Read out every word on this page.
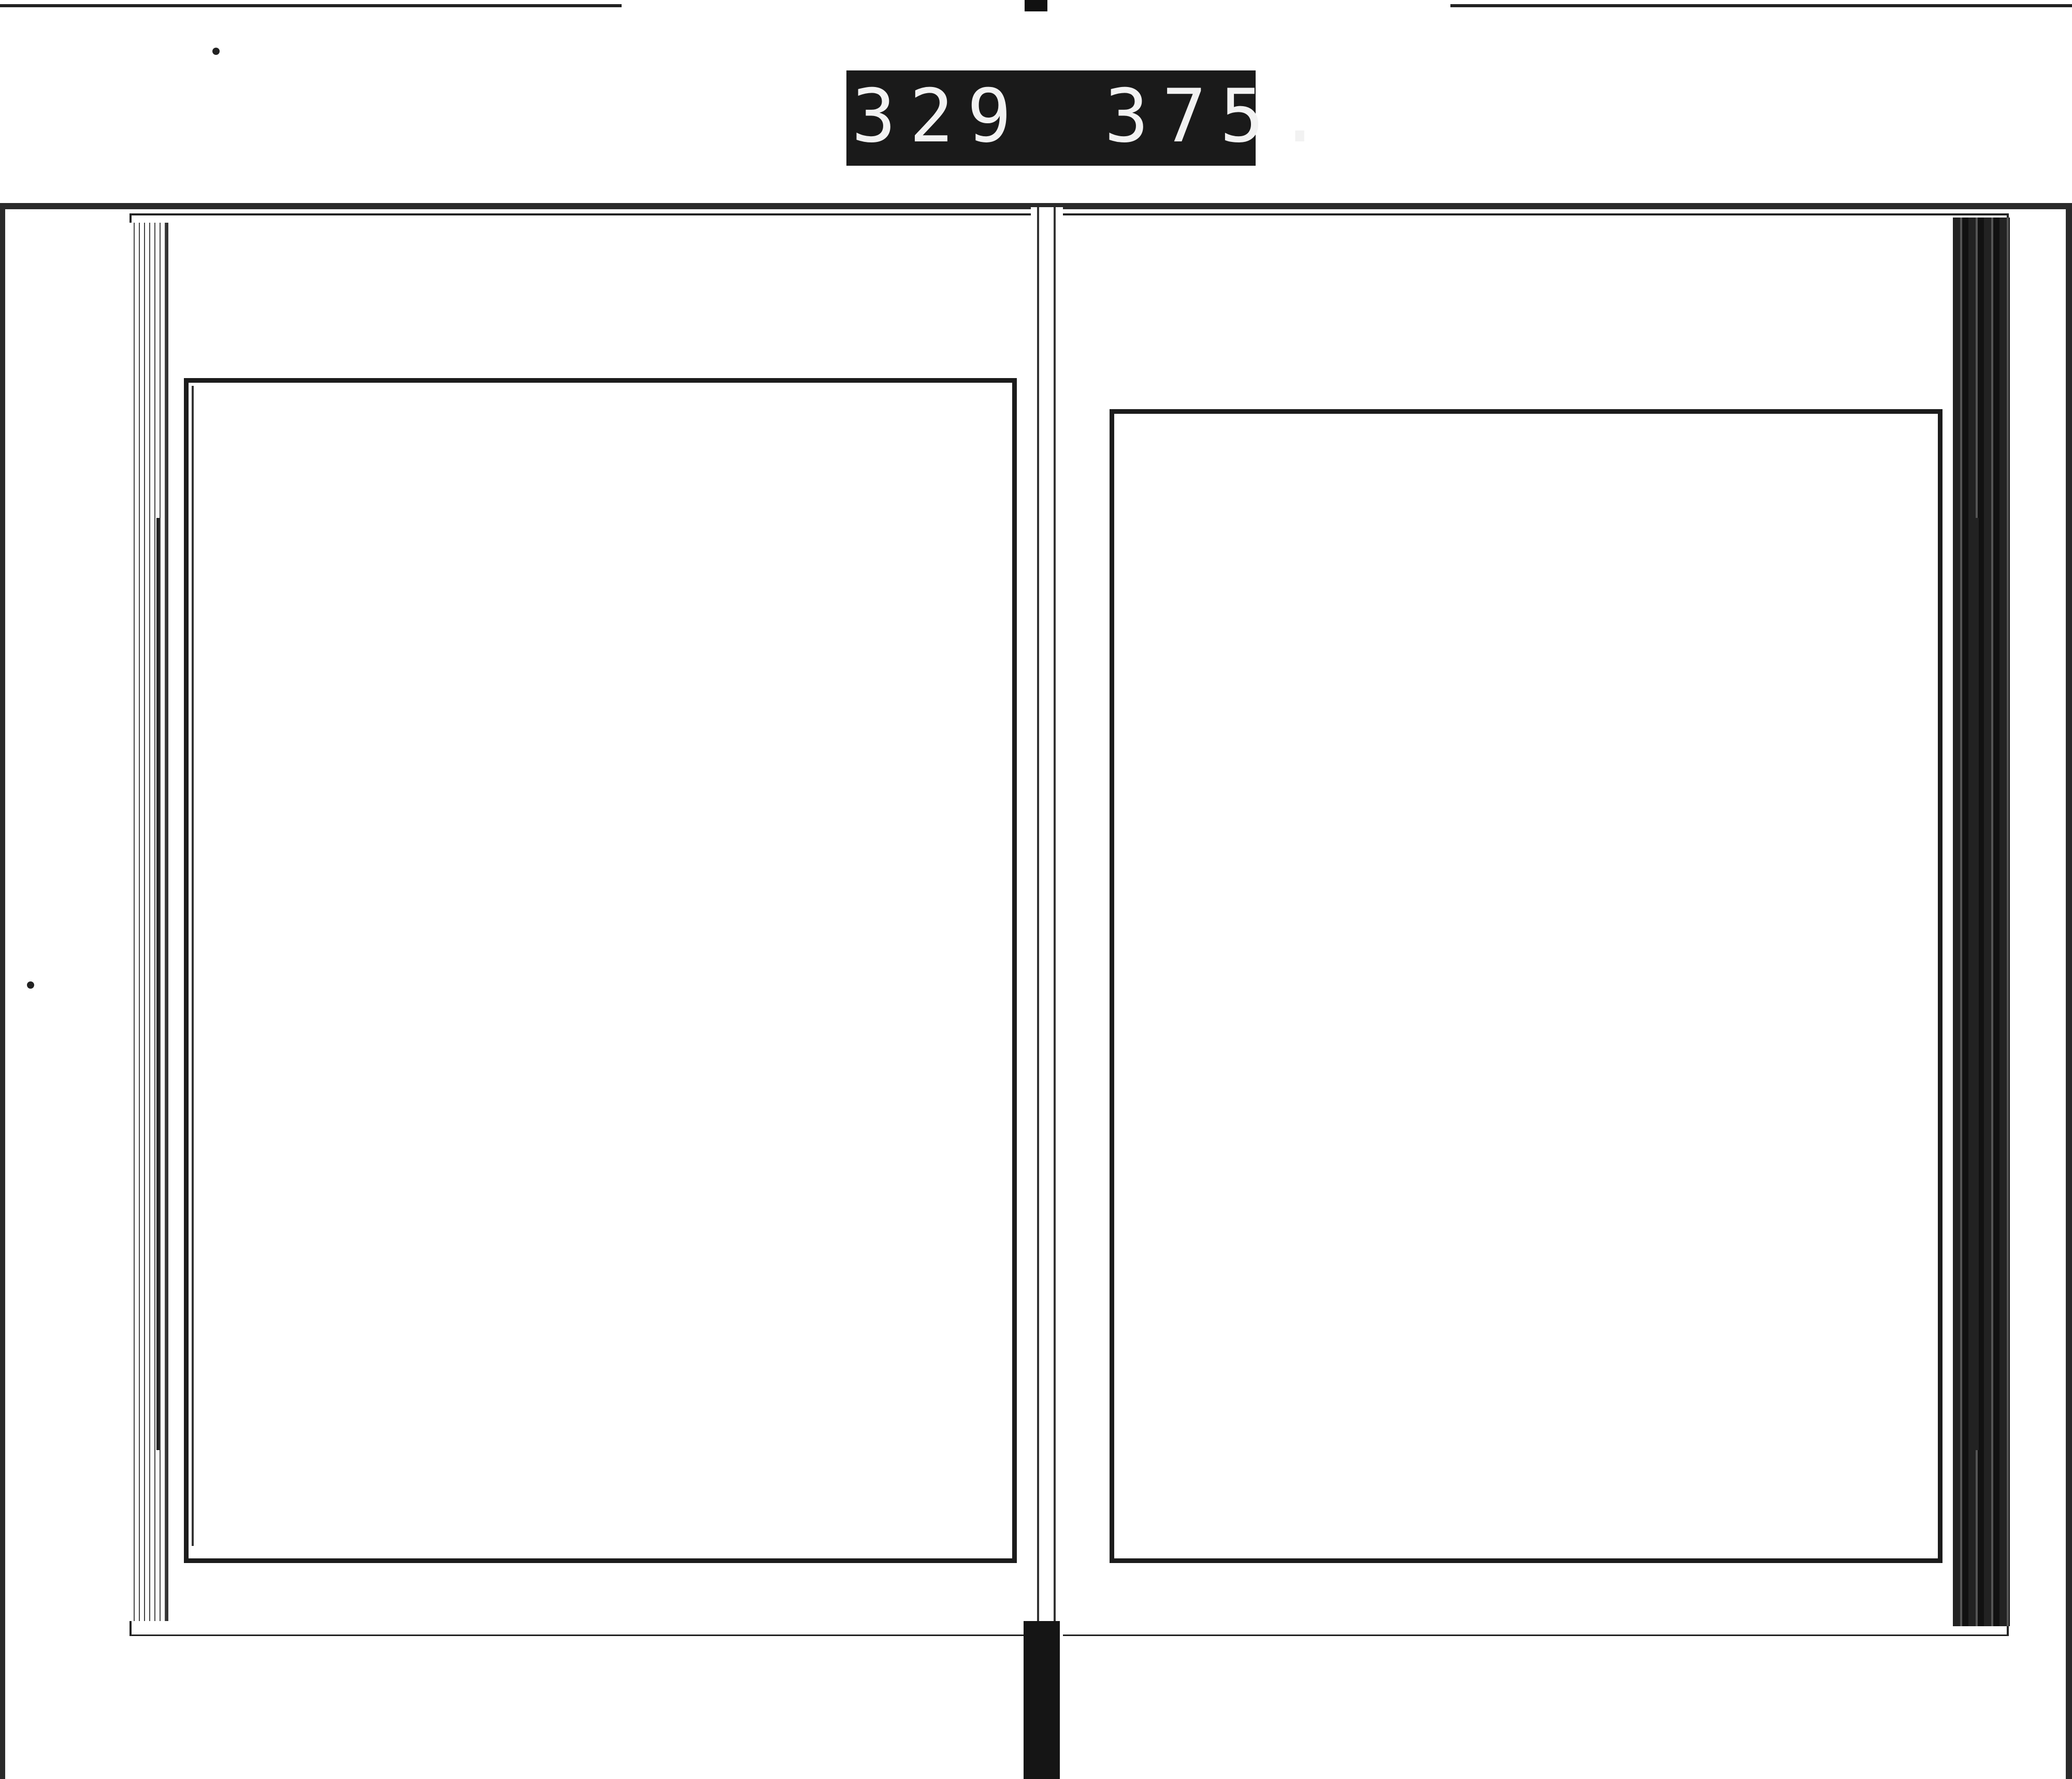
329 375.
